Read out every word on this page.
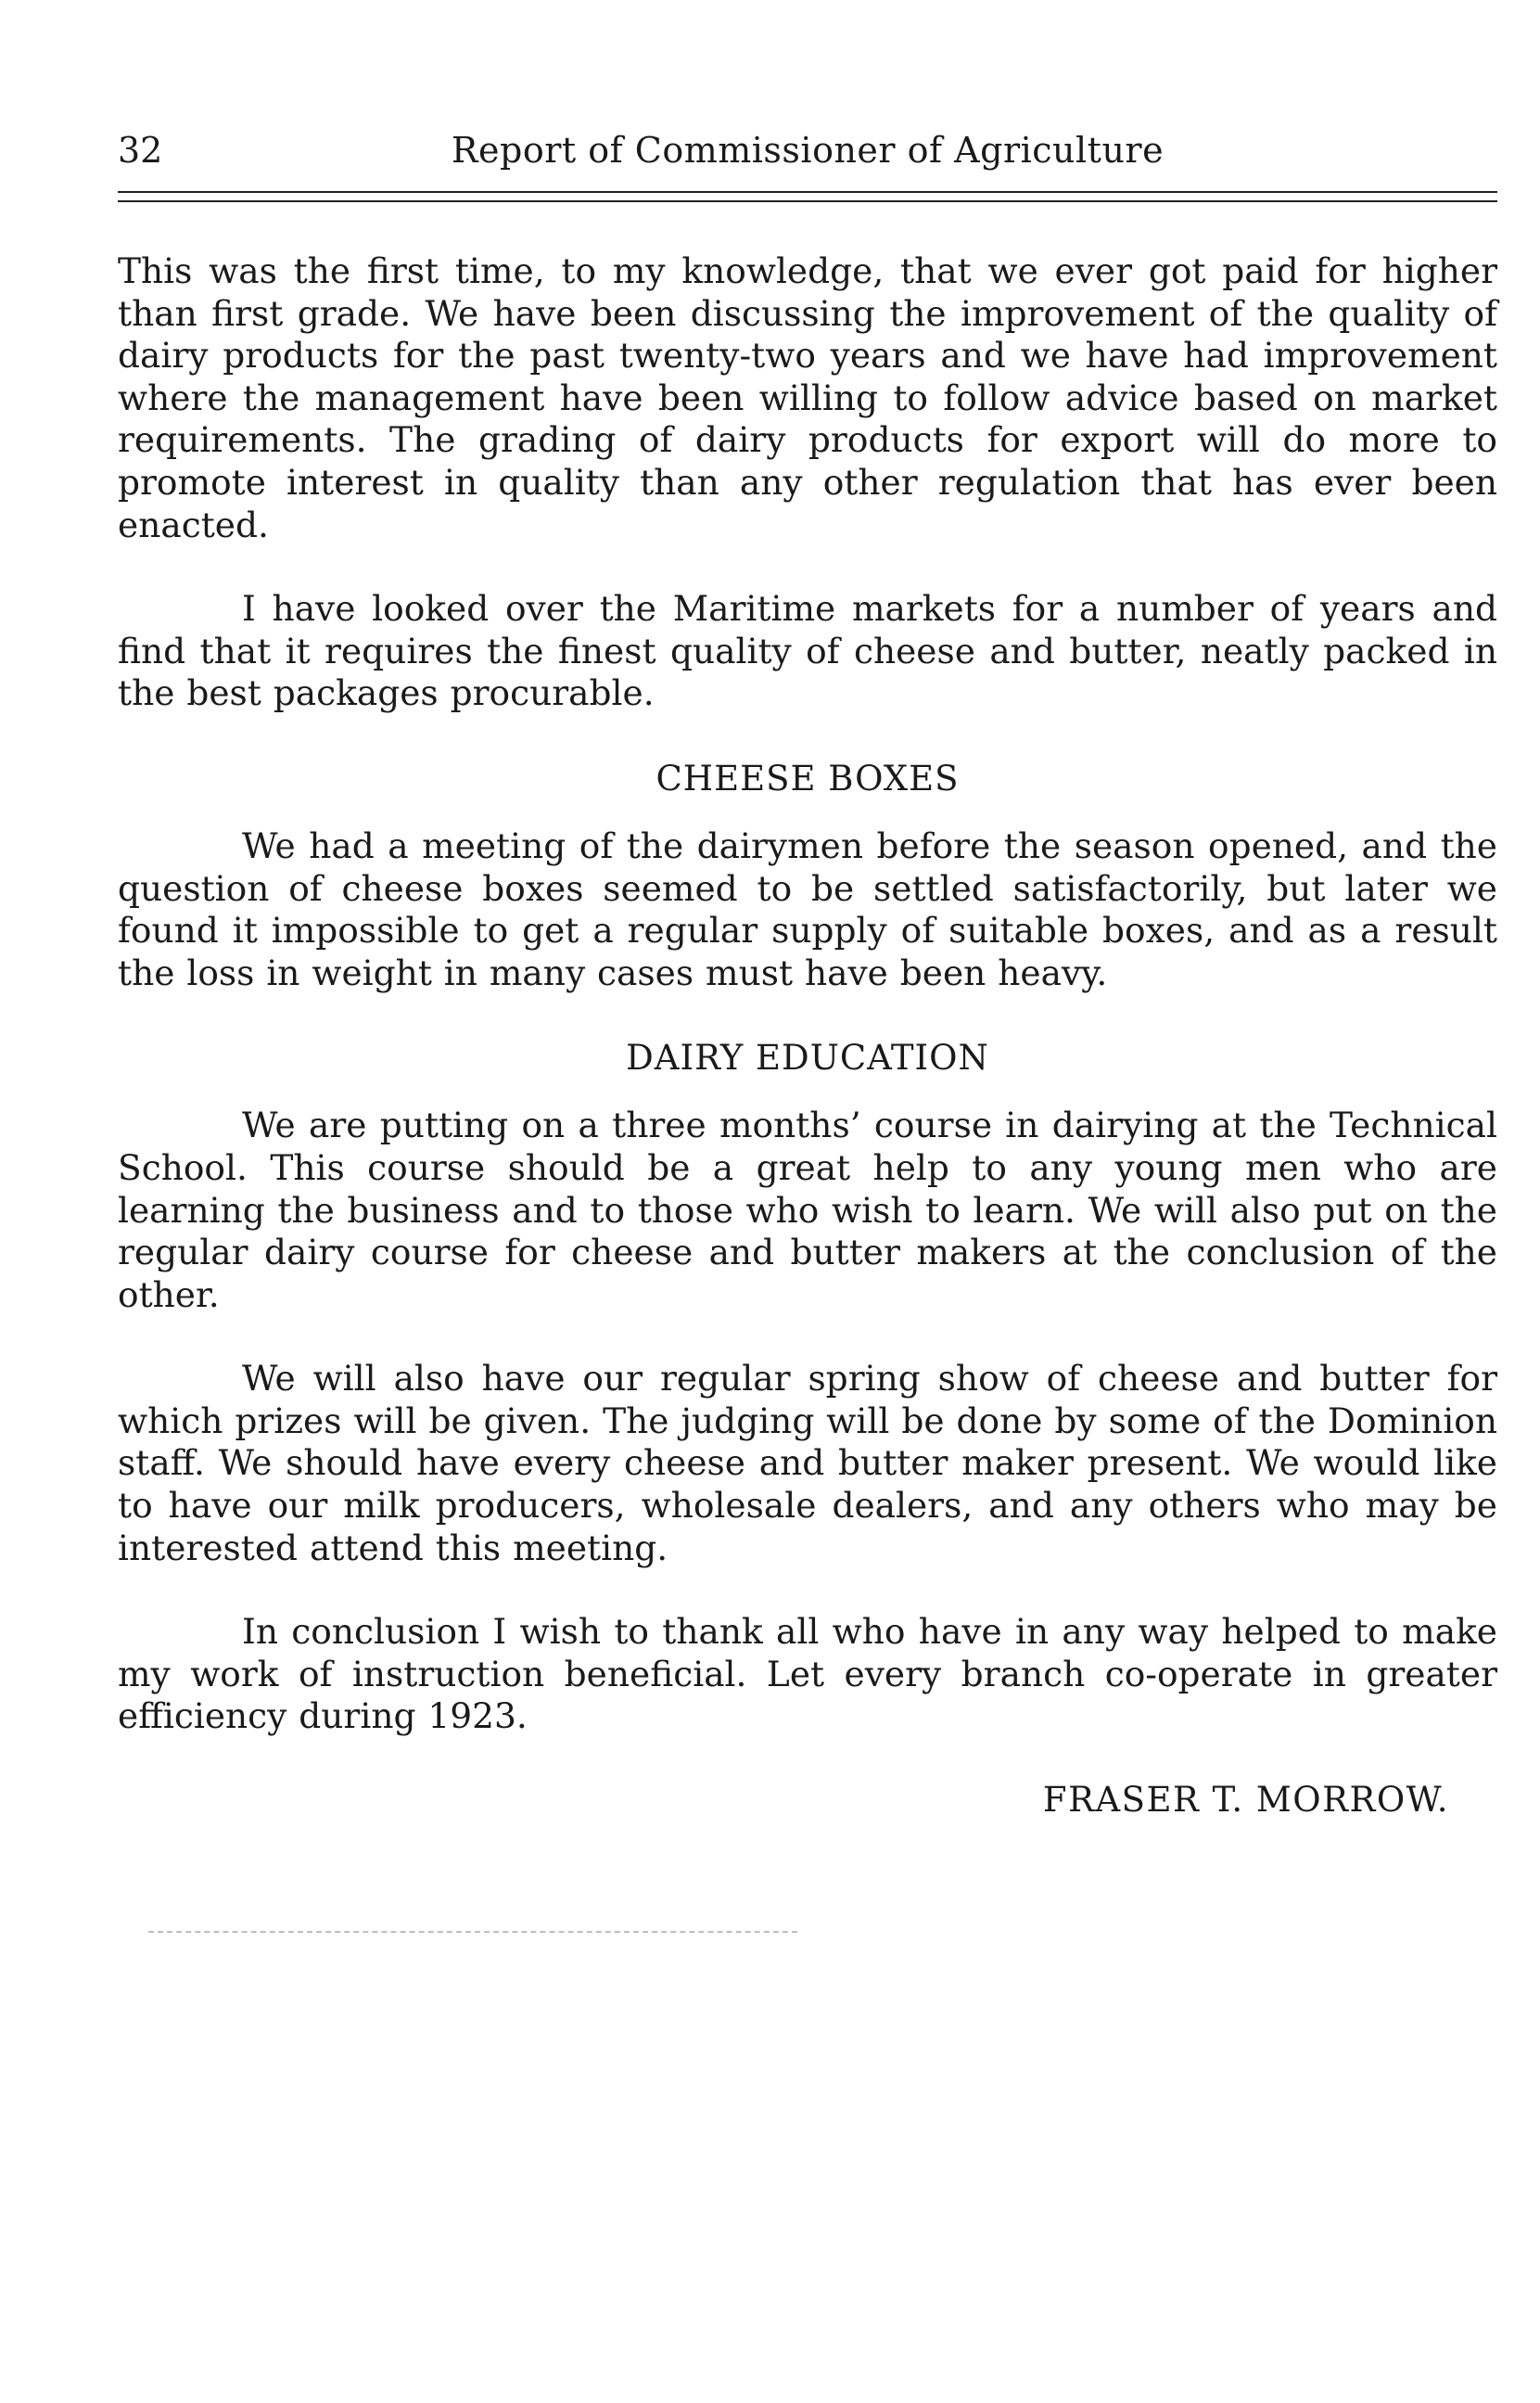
Report of Commissioner of Agriculture
32

This was the first time, to my knowledge, that we ever got paid for higher than first grade. We have been discussing the improvement of the quality of dairy products for the past twenty-two years and we have had improvement where the management have been willing to follow advice based on market requirements. The grading of dairy products for export will do more to promote interest in quality than any other regulation that has ever been enacted.

I have looked over the Maritime markets for a number of years and find that it requires the finest quality of cheese and butter, neatly packed in the best packages procurable.

CHEESE BOXES

We had a meeting of the dairymen before the season opened, and the question of cheese boxes seemed to be settled satisfactorily, but later we found it impossible to get a regular supply of suitable boxes, and as a result the loss in weight in many cases must have been heavy.

DAIRY EDUCATION

We are putting on a three months’ course in dairying at the Technical School. This course should be a great help to any young men who are learning the business and to those who wish to learn. We will also put on the regular dairy course for cheese and butter makers at the conclusion of the other.

We will also have our regular spring show of cheese and butter for which prizes will be given. The judging will be done by some of the Dominion staff. We should have every cheese and butter maker present. We would like to have our milk producers, wholesale dealers, and any others who may be interested attend this meeting.

In conclusion I wish to thank all who have in any way helped to make my work of instruction beneficial. Let every branch co-operate in greater efficiency during 1923.

FRASER T. MORROW.
